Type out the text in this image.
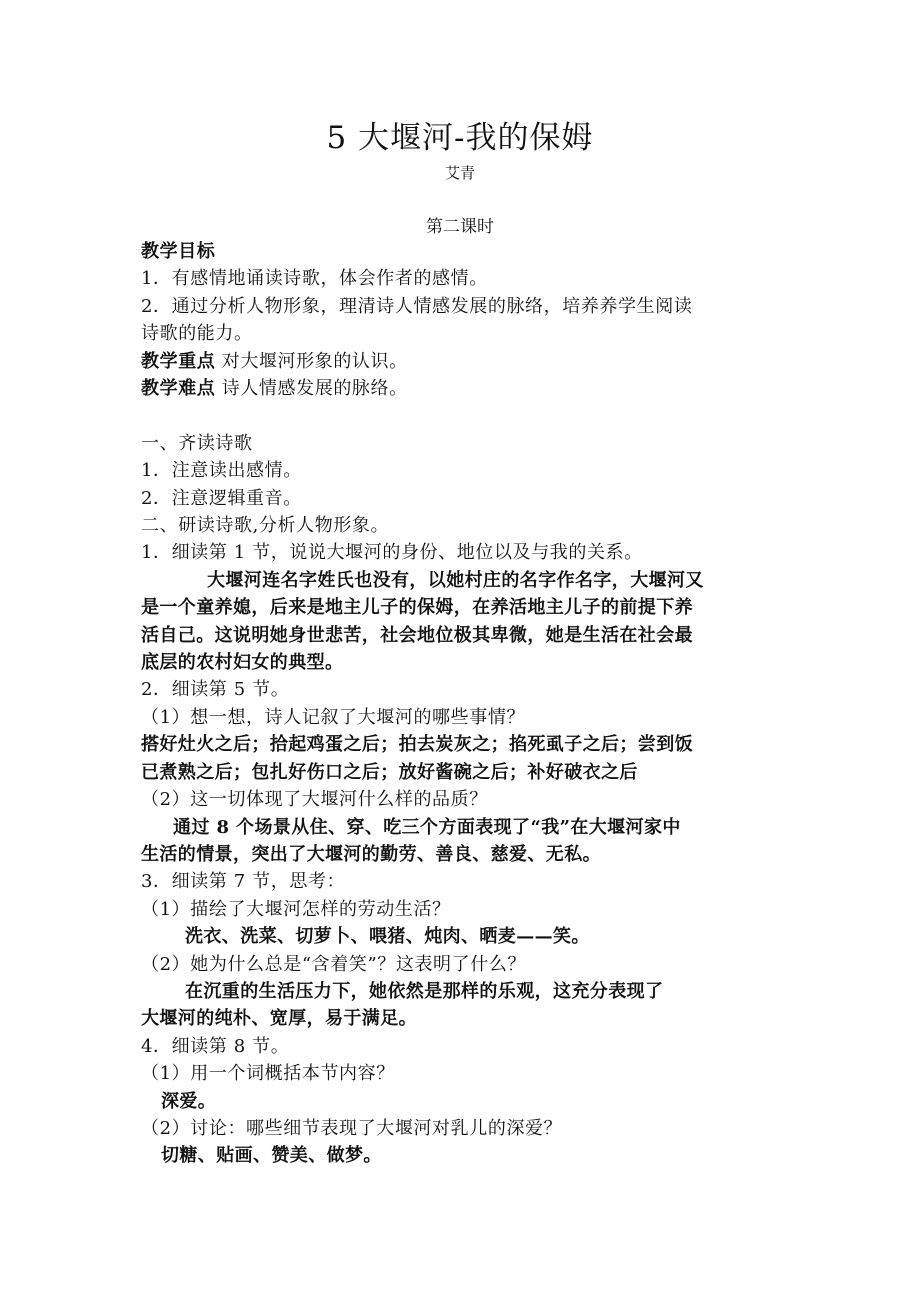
5 大堰河-我的保姆
艾青
第二课时

教学目标

1．有感情地诵读诗歌，体会作者的感情。

2．通过分析人物形象，理清诗人情感发展的脉络，培养养学生阅读

诗歌的能力。

教学重点 对大堰河形象的认识。

教学难点 诗人情感发展的脉络。

一、齐读诗歌

1．注意读出感情。

2．注意逻辑重音。

二、研读诗歌,分析人物形象。

1．细读第 1 节，说说大堰河的身份、地位以及与我的关系。

大堰河连名字姓氏也没有，以她村庄的名字作名字，大堰河又

是一个童养媳，后来是地主儿子的保姆，在养活地主儿子的前提下养

活自己。这说明她身世悲苦，社会地位极其卑微，她是生活在社会最

底层的农村妇女的典型。

2．细读第 5 节。

（1）想一想，诗人记叙了大堰河的哪些事情？

搭好灶火之后；拾起鸡蛋之后；拍去炭灰之；掐死虱子之后；尝到饭

已煮熟之后；包扎好伤口之后；放好酱碗之后；补好破衣之后

（2）这一切体现了大堰河什么样的品质？

通过 8 个场景从住、穿、吃三个方面表现了“我”在大堰河家中

生活的情景，突出了大堰河的勤劳、善良、慈爱、无私。

3．细读第 7 节，思考：

（1）描绘了大堰河怎样的劳动生活？

洗衣、洗菜、切萝卜、喂猪、炖肉、晒麦——笑。

（2）她为什么总是“含着笑”？这表明了什么？

在沉重的生活压力下，她依然是那样的乐观，这充分表现了

大堰河的纯朴、宽厚，易于满足。

4．细读第 8 节。

（1）用一个词概括本节内容？

深爱。

（2）讨论：哪些细节表现了大堰河对乳儿的深爱？

切糖、贴画、赞美、做梦。
